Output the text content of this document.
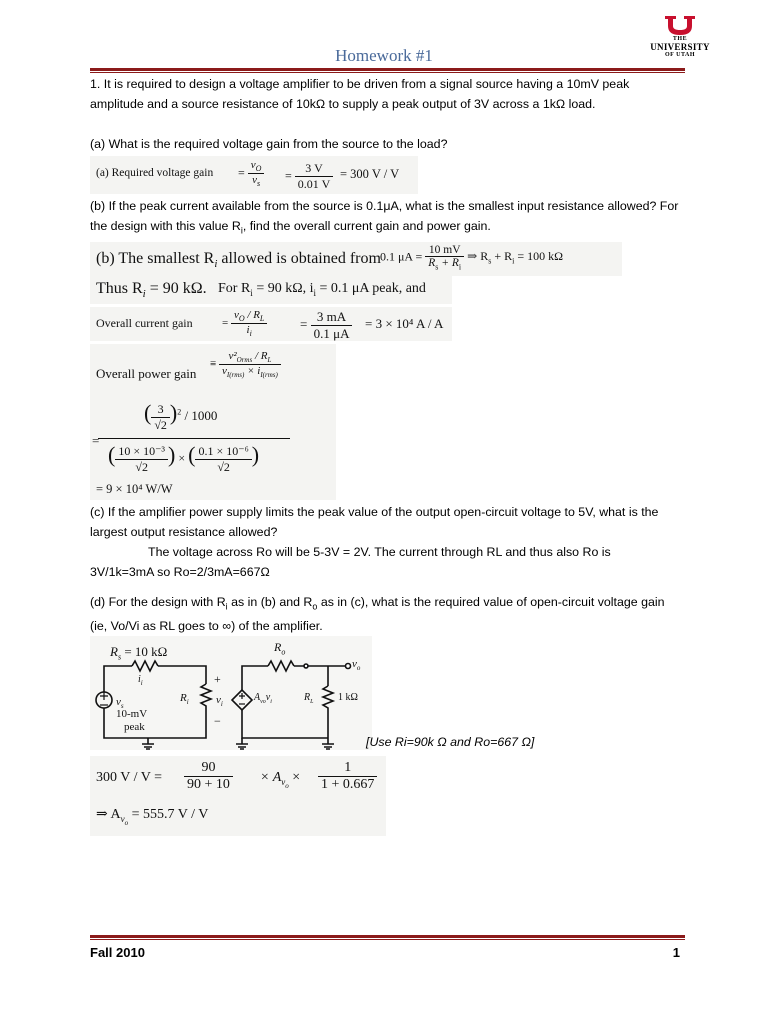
Homework #1
THE
UNIVERSITY
OF UTAH
1. It is required to design a voltage amplifier to be driven from a signal source having a 10mV peak amplitude and a source resistance of 10kΩ to supply a peak output of 3V across a 1kΩ load.
(a) What is the required voltage gain from the source to the load?
(a) Required voltage gain = $\frac{v_O}{v_s} = \frac{3 V}{0.01 V} = 300$ V / V
(b) If the peak current available from the source is 0.1μA, what is the smallest input resistance allowed? For the design with this value $R_i$, find the overall current gain and power gain.
(b) The smallest $R_i$ allowed is obtained from 0.1 $\mu A = \frac{10 mV}{R_s + R_i}$ ⇒ $R_s + R_i = 100$ kΩ
Thus $R_i = 90$ kΩ. For $R_i = 90$ kΩ, $i_i = 0.1$ μA peak, and
Overall current gain	= $\frac{v_O / R_L}{i_i}$	= $\frac{3 mA}{0.1 \mu A} = 3 \times 10^4$ A / A
Overall power gain
≡ $\frac{v^2_{Orms} / R_L}{v_{I(rms)} \times i_{I(rms)}}$
( $\frac{3}{√2} )^2 / 1000$
=
( $\frac{\text{10 × 10⁻³}}{√2}$ ) × ( $\frac{\text{0.1 × 10⁻⁶}}{√2}$ )
= 9 × 10⁴ W/W
(c) If the amplifier power supply limits the peak value of the output open-circuit voltage to 5V, what is the largest output resistance allowed?
The voltage across Ro will be 5-3V = 2V. The current through RL and thus also Ro is
3V/1k=3mA so Ro=2/3mA=667Ω
(d) For the design with $R_i$ as in (b) and $R_o$ as in (c), what is the required value of open-circuit voltage gain (ie, Vo/Vi as RL goes to ∞) of the amplifier.
$R_s = 10$ kΩ
$i_i$
$v_s$
10-mV
peak
$R_i$
+
$v_i$
−
$R_o$
$v_o$
$A_{vo}v_i$	$R_L$ 1 kΩ
[Use Ri=90k Ω and Ro=667 Ω]
300 $V / V = \frac{90}{90 + 10} \times A_{v_o} \times \frac{1}{1 + 0.667}$
⇒ $A_{v_o} = 555.7$ V / V
Fall 2010	1
